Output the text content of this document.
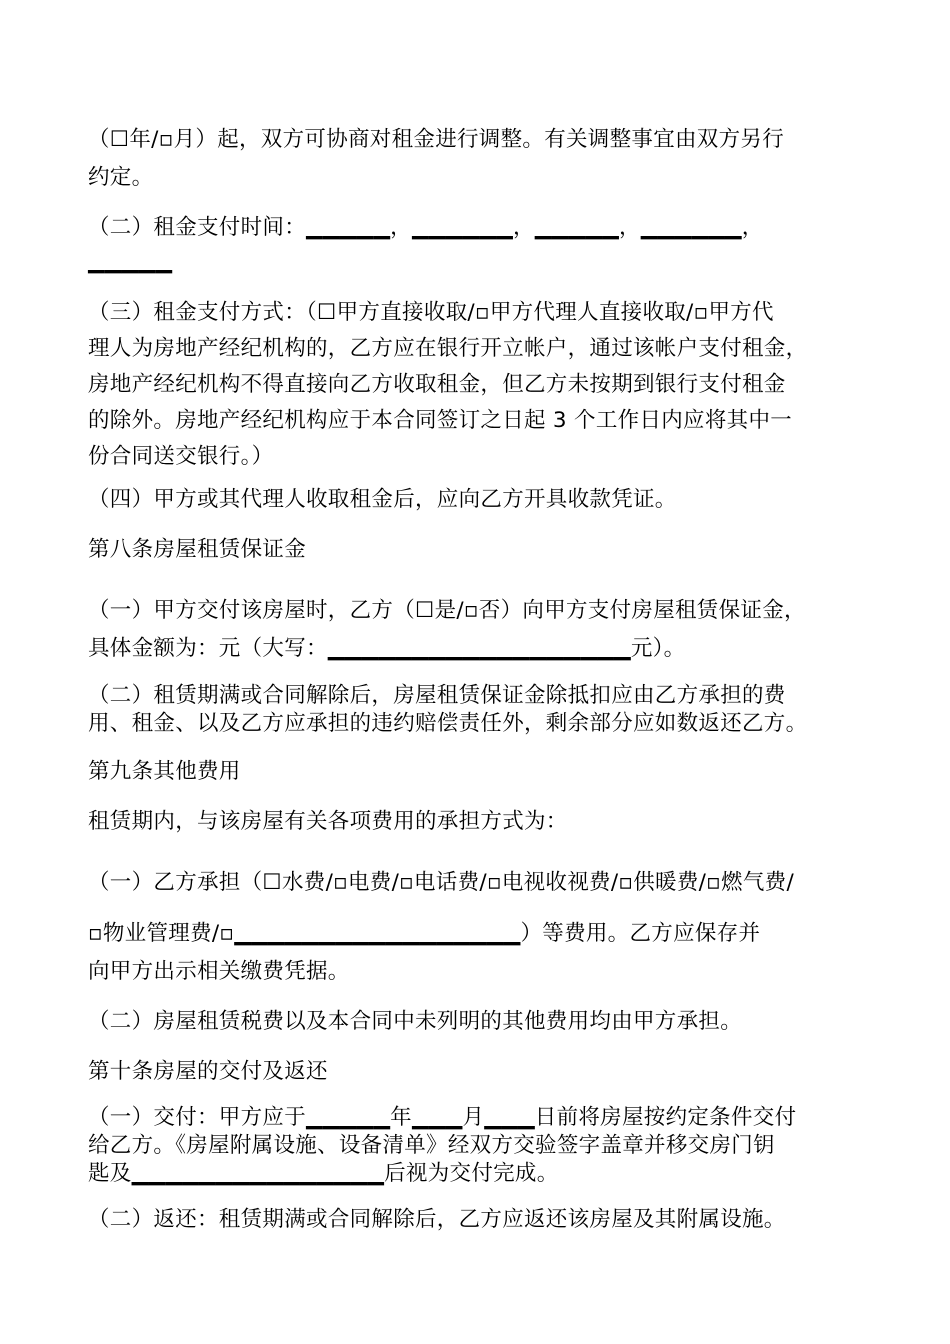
（☐年/▫月）起，双方可协商对租金进行调整。有关调整事宜由双方另行
约定。
（二）租金支付时间：▁▁▁▁▁，▁▁▁▁▁▁，▁▁▁▁▁，▁▁▁▁▁▁，
▁▁▁▁▁
（三）租金支付方式：（☐甲方直接收取/▫甲方代理人直接收取/▫甲方代
理人为房地产经纪机构的，乙方应在银行开立帐户，通过该帐户支付租金，
房地产经纪机构不得直接向乙方收取租金，但乙方未按期到银行支付租金
的除外。房地产经纪机构应于本合同签订之日起 3 个工作日内应将其中一
份合同送交银行。）
（四）甲方或其代理人收取租金后，应向乙方开具收款凭证。
第八条房屋租赁保证金
（一）甲方交付该房屋时，乙方（☐是/▫否）向甲方支付房屋租赁保证金，
具体金额为：元（大写：▁▁▁▁▁▁▁▁▁▁▁▁▁▁▁▁▁▁元）。
（二）租赁期满或合同解除后，房屋租赁保证金除抵扣应由乙方承担的费
用、租金、以及乙方应承担的违约赔偿责任外，剩余部分应如数返还乙方。
第九条其他费用
租赁期内，与该房屋有关各项费用的承担方式为：
（一）乙方承担（☐水费/▫电费/▫电话费/▫电视收视费/▫供暖费/▫燃气费/
▫物业管理费/▫▁▁▁▁▁▁▁▁▁▁▁▁▁▁▁▁▁）等费用。乙方应保存并
向甲方出示相关缴费凭据。
（二）房屋租赁税费以及本合同中未列明的其他费用均由甲方承担。
第十条房屋的交付及返还
（一）交付：甲方应于▁▁▁▁▁年▁▁▁月▁▁▁日前将房屋按约定条件交付
给乙方。《房屋附属设施、设备清单》经双方交验签字盖章并移交房门钥
匙及▁▁▁▁▁▁▁▁▁▁▁▁▁▁▁后视为交付完成。
（二）返还：租赁期满或合同解除后，乙方应返还该房屋及其附属设施。
